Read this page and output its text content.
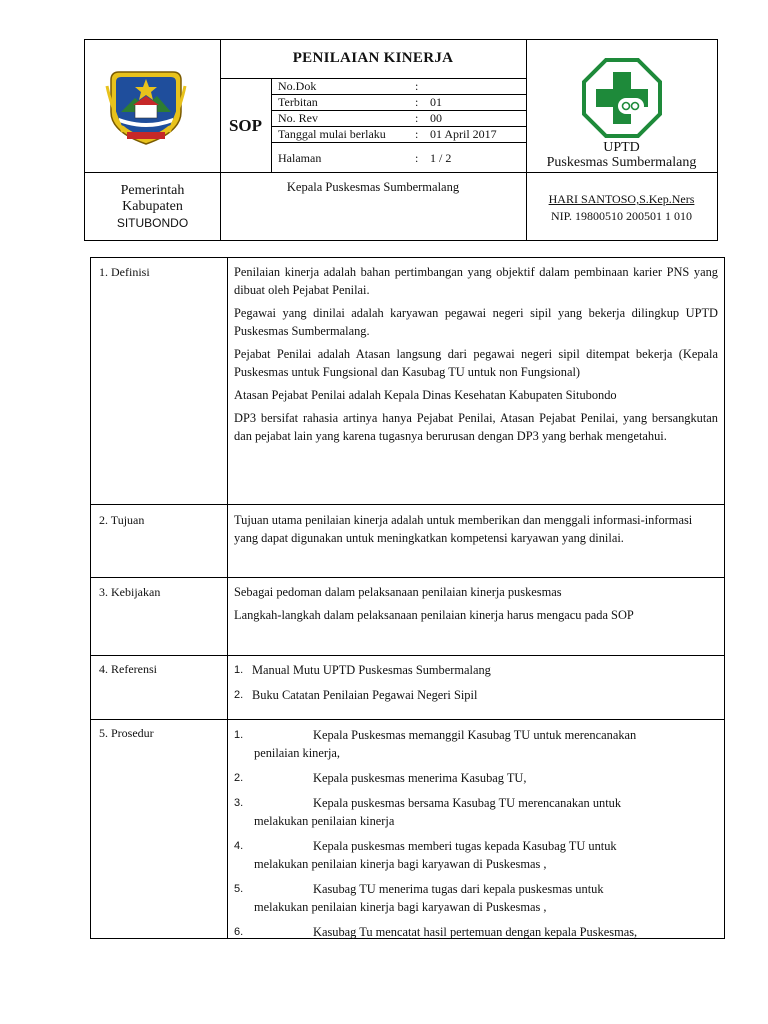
PENILAIAN KINERJA
SOP
No.Dok	:
Terbitan	: 01
No. Rev	: 00
Tanggal mulai berlaku : 01 April 2017
Halaman	: 1 / 2
UPTD
Puskesmas Sumbermalang
Pemerintah
Kabupaten
SITUBONDO
Kepala Puskesmas Sumbermalang
HARI SANTOSO,S.Kep.Ners
NIP. 19800510 200501 1 010
1. Definisi	Penilaian kinerja adalah bahan pertimbangan yang objektif dalam pembinaan karier PNS yang dibuat oleh Pejabat Penilai.

Pegawai yang dinilai adalah karyawan pegawai negeri sipil yang bekerja dilingkup UPTD Puskesmas Sumbermalang.

Pejabat Penilai adalah Atasan langsung dari pegawai negeri sipil ditempat bekerja (Kepala Puskesmas untuk Fungsional dan Kasubag TU untuk non Fungsional)

Atasan Pejabat Penilai adalah Kepala Dinas Kesehatan Kabupaten Situbondo

DP3 bersifat rahasia artinya hanya Pejabat Penilai, Atasan Pejabat Penilai, yang bersangkutan dan pejabat lain yang karena tugasnya berurusan dengan DP3 yang berhak mengetahui.

2. Tujuan	Tujuan utama penilaian kinerja adalah untuk memberikan dan menggali informasi-informasi yang dapat digunakan untuk meningkatkan kompetensi karyawan yang dinilai.

3. Kebijakan	Sebagai pedoman dalam pelaksanaan penilaian kinerja puskesmas

Langkah-langkah dalam pelaksanaan penilaian kinerja harus mengacu pada SOP

4. Referensi	1. Manual Mutu UPTD Puskesmas Sumbermalang
2. Buku Catatan Penilaian Pegawai Negeri Sipil
5. Prosedur	1.	Kepala Puskesmas memanggil Kasubag TU untuk merencanakan
penilaian kinerja,
2.	Kepala puskesmas menerima Kasubag TU,
3.	Kepala puskesmas bersama Kasubag TU merencanakan untuk
melakukan penilaian kinerja
4.	Kepala puskesmas memberi tugas kepada Kasubag TU untuk
melakukan penilaian kinerja bagi karyawan di Puskesmas ,
5.	Kasubag TU menerima tugas dari kepala puskesmas untuk
melakukan penilaian kinerja bagi karyawan di Puskesmas ,
6.	Kasubag Tu mencatat hasil pertemuan dengan kepala Puskesmas,
